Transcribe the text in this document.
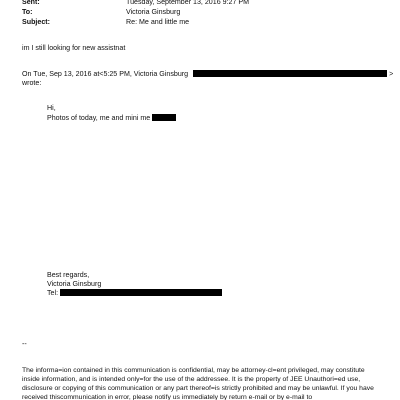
Sent:	Tuesday, September 13, 2016 9:27 PM
To:	Victoria Ginsburg
Subject:	Re: Me and little me
im I still looking for new assistnat
On Tue, Sep 13, 2016 at<5:25 PM, Victoria Ginsburg	>
wrote:
Hi,
Photos of today, me and mini me
Best regards,
Victoria Ginsburg
Tel:
--
The informa=ion contained in this communication is confidential, may be attorney-cl=ent privileged, may constitute inside information, and is intended only=for the use of the addressee. It is the property of JEE Unauthori=ed use, disclosure or copying of this communication or any part thereof=is strictly prohibited and may be unlawful. If you have received thiscommunication in error, please notify us immediately by return e-mail or by e-mail to
